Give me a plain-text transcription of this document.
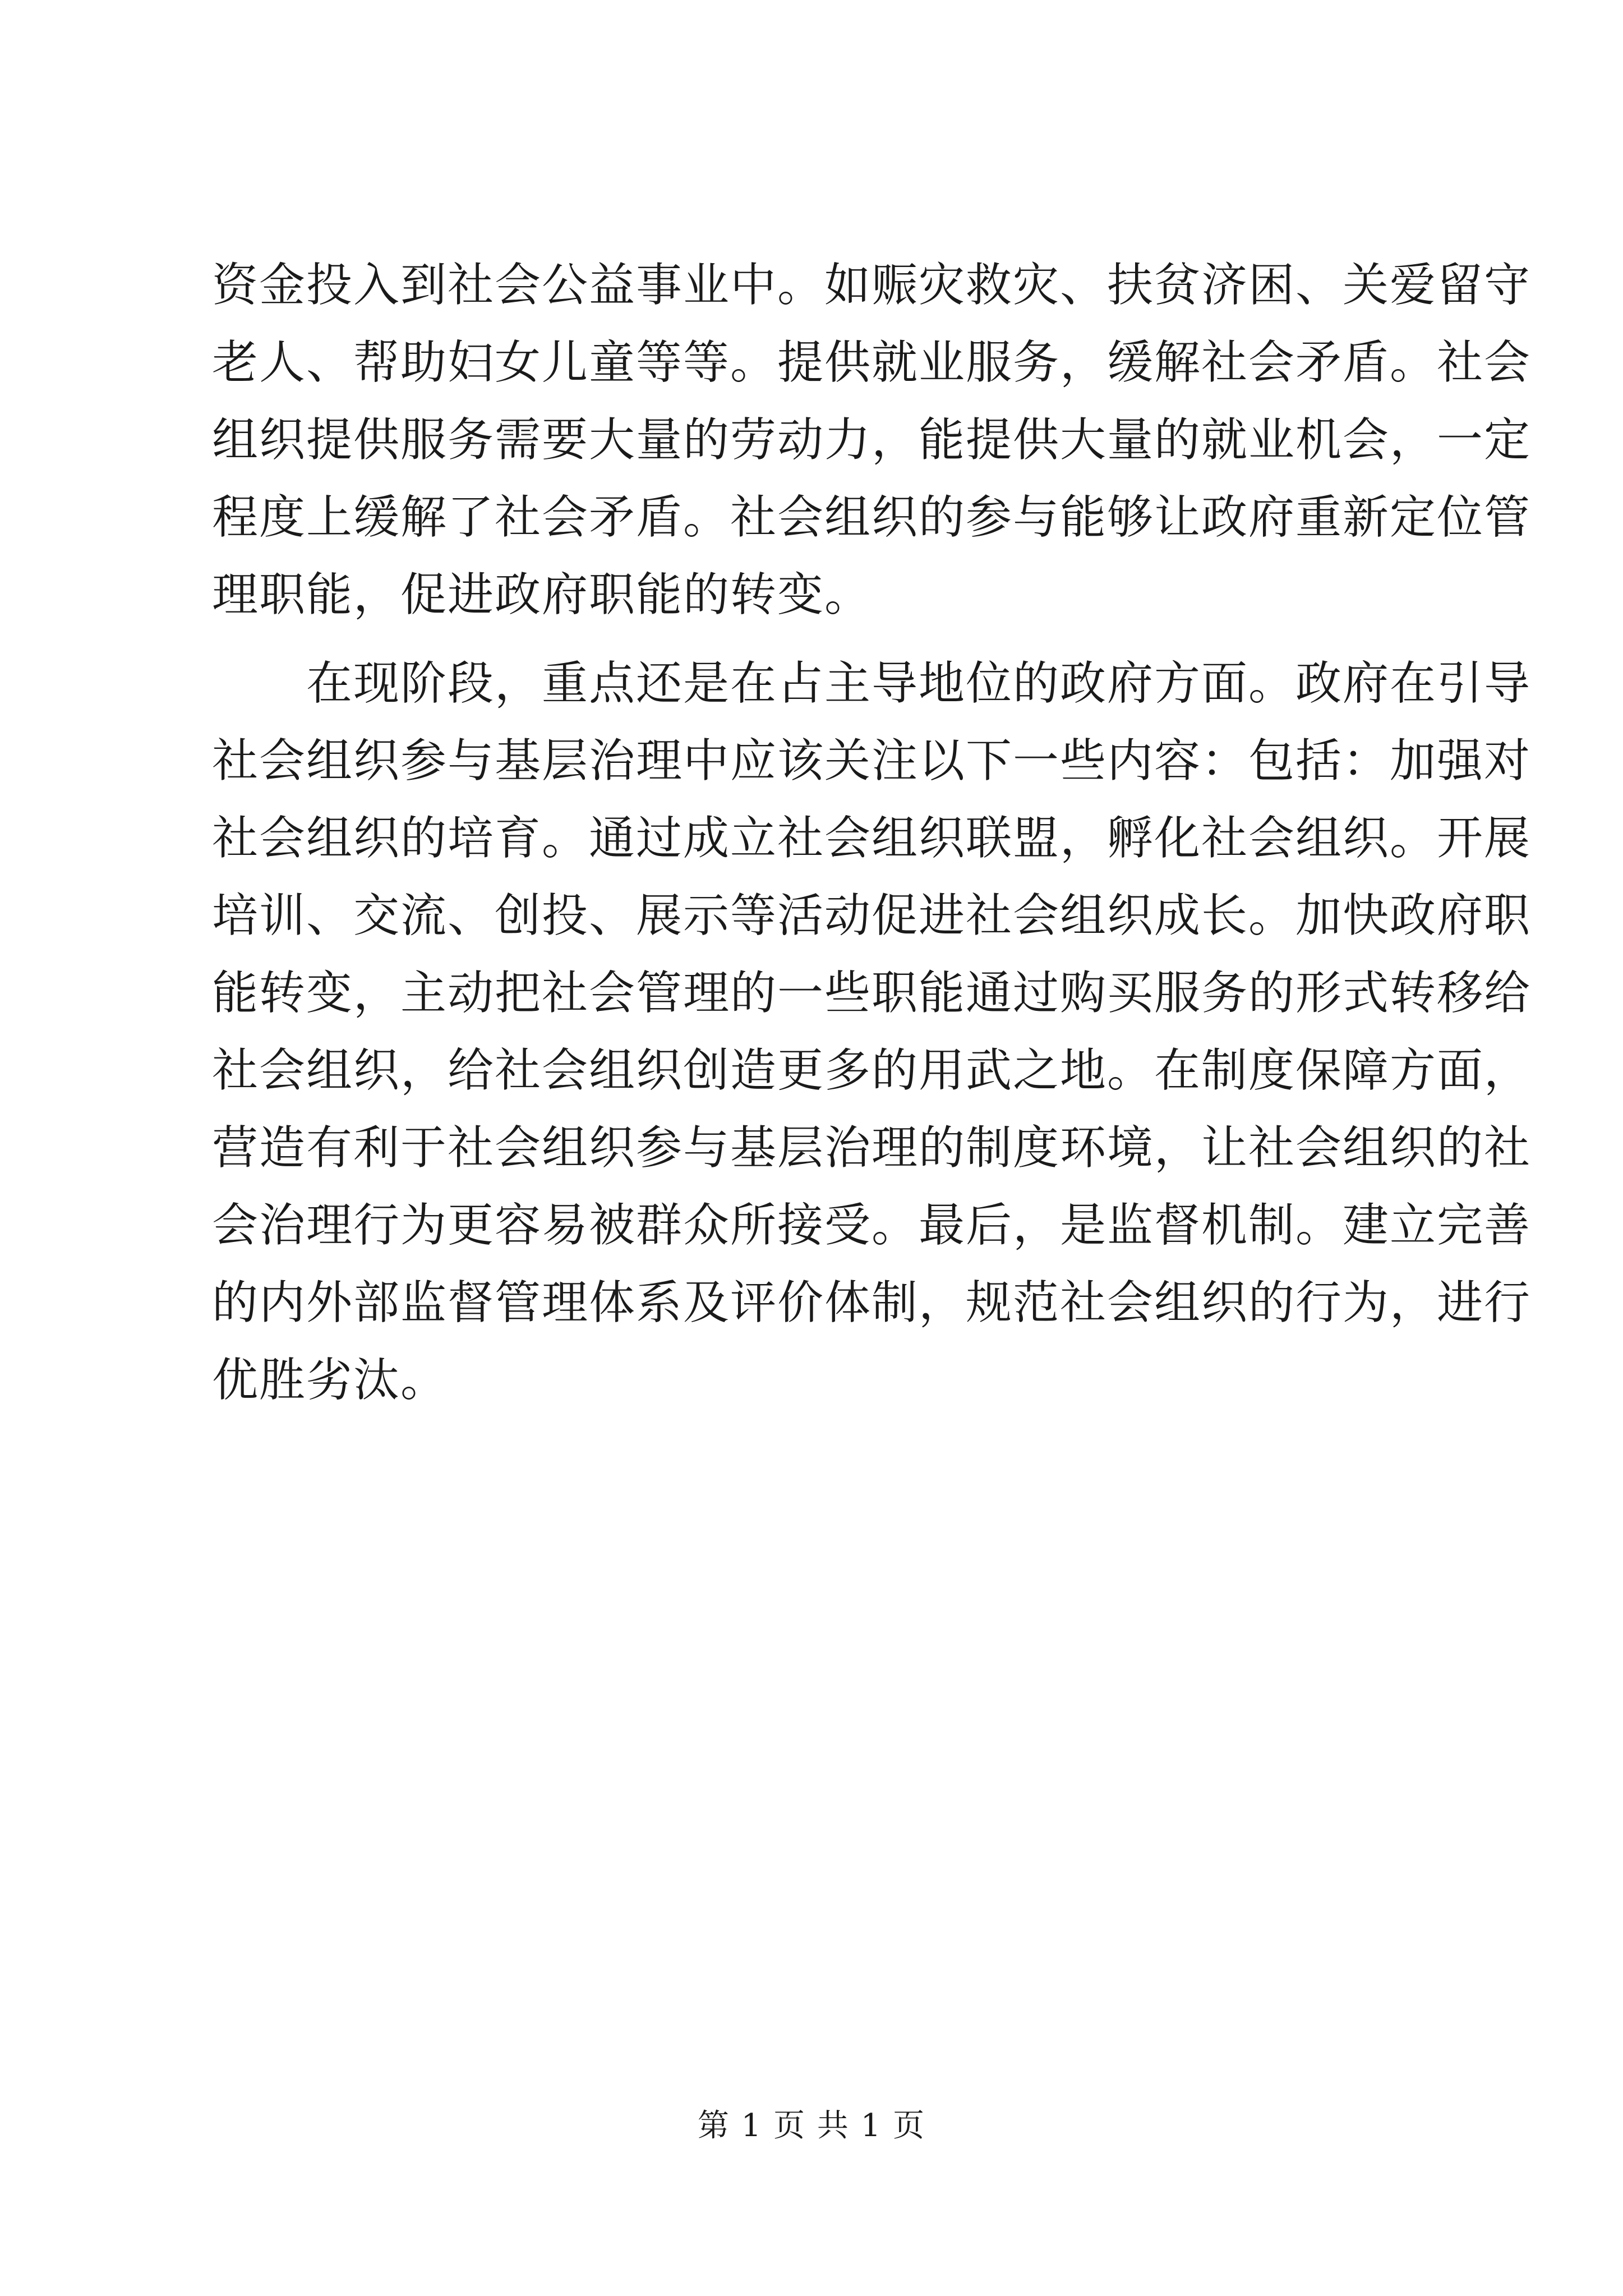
资金投入到社会公益事业中。如赈灾救灾、扶贫济困、关爱留守
老人、帮助妇女儿童等等。提供就业服务，缓解社会矛盾。社会
组织提供服务需要大量的劳动力，能提供大量的就业机会，一定
程度上缓解了社会矛盾。社会组织的参与能够让政府重新定位管
理职能，促进政府职能的转变。
　　在现阶段，重点还是在占主导地位的政府方面。政府在引导
社会组织参与基层治理中应该关注以下一些内容：包括：加强对
社会组织的培育。通过成立社会组织联盟，孵化社会组织。开展
培训、交流、创投、展示等活动促进社会组织成长。加快政府职
能转变，主动把社会管理的一些职能通过购买服务的形式转移给
社会组织，给社会组织创造更多的用武之地。在制度保障方面，
营造有利于社会组织参与基层治理的制度环境，让社会组织的社
会治理行为更容易被群众所接受。最后，是监督机制。建立完善
的内外部监督管理体系及评价体制，规范社会组织的行为，进行
优胜劣汰。
第 1 页 共 1 页
